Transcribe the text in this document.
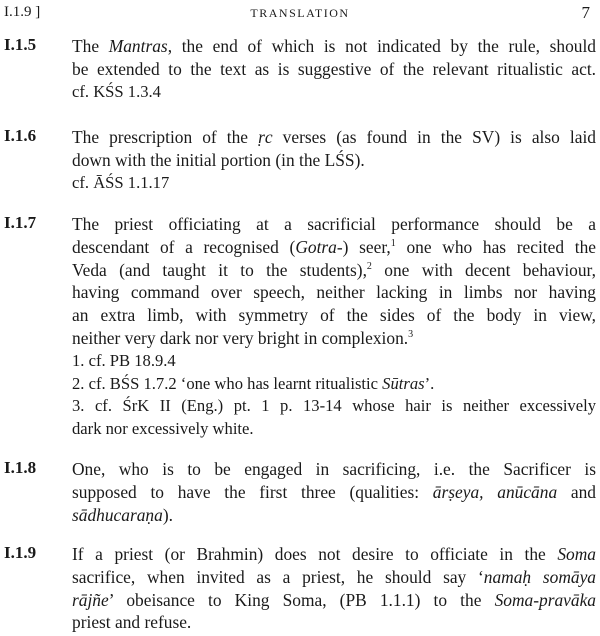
I.1.9 ]	TRANSLATION	7
I.1.5 The Mantras, the end of which is not indicated by the rule, should
be extended to the text as is suggestive of the relevant ritualistic act.
cf. KŚS 1.3.4
I.1.6 The prescription of the ṛc verses (as found in the SV) is also laid
down with the initial portion (in the LŚS).
cf. ĀŚS 1.1.17
I.1.7 The priest officiating at a sacrificial performance should be a
descendant of a recognised (Gotra-) seer,$^1$ one who has recited the
Veda (and taught it to the students),$^2$ one with decent behaviour,
having command over speech, neither lacking in limbs nor having
an extra limb, with symmetry of the sides of the body in view,
neither very dark nor very bright in complexion.$^3$
1. cf. PB 18.9.4
2. cf. BŚS 1.7.2 ‘one who has learnt ritualistic Sūtras’.
3. cf. ŚrK II (Eng.) pt. 1 p. 13-14 whose hair is neither excessively
dark nor excessively white.
I.1.8 One, who is to be engaged in sacrificing, i.e. the Sacrificer is
supposed to have the first three (qualities: ārṣeya, anūcāna and
sādhucaraṇa).
I.1.9 If a priest (or Brahmin) does not desire to officiate in the Soma
sacrifice, when invited as a priest, he should say ‘namaḥ somāya
rājñe’ obeisance to King Soma, (PB 1.1.1) to the Soma-pravāka
priest and refuse.
